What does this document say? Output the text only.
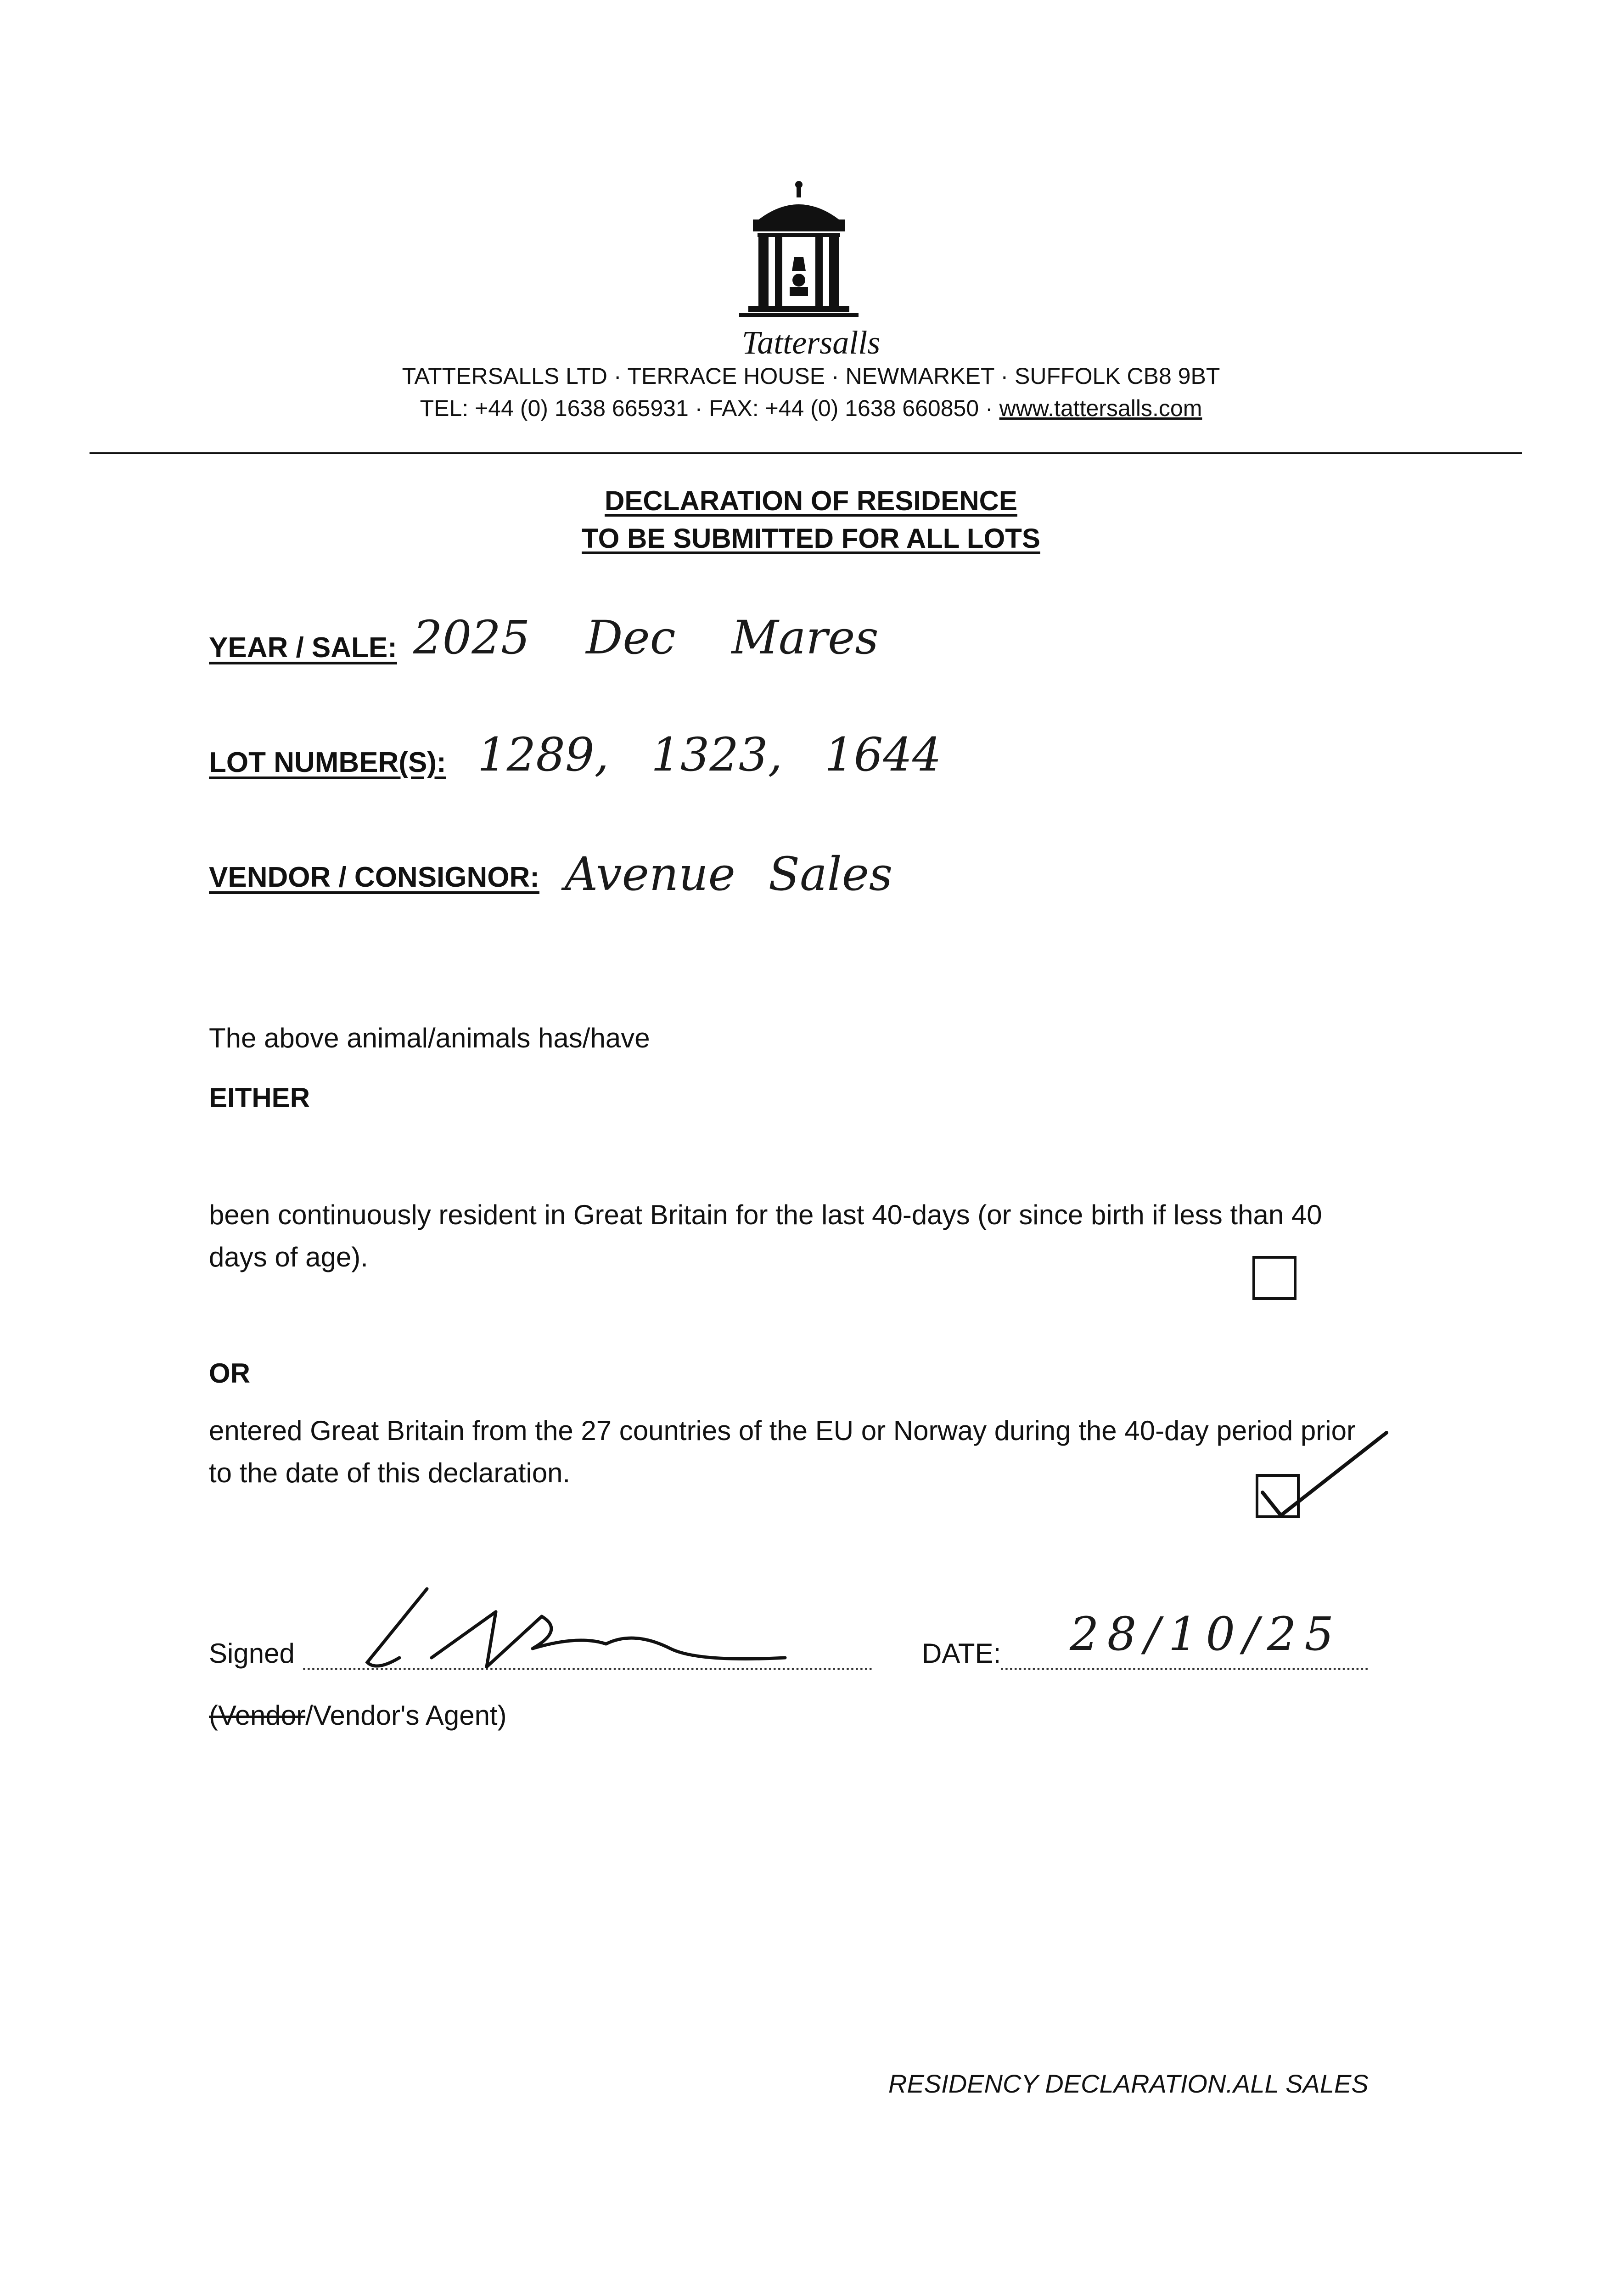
Tattersalls
TATTERSALLS LTD · TERRACE HOUSE · NEWMARKET · SUFFOLK CB8 9BT
TEL: +44 (0) 1638 665931 · FAX: +44 (0) 1638 660850 · www.tattersalls.com
DECLARATION OF RESIDENCE
TO BE SUBMITTED FOR ALL LOTS
YEAR / SALE: 2025 Dec Mares
LOT NUMBER(S): 1289, 1323, 1644
VENDOR / CONSIGNOR: Avenue Sales
The above animal/animals has/have
EITHER
been continuously resident in Great Britain for the last 40-days (or since birth if less than 40 days of age).
OR
entered Great Britain from the 27 countries of the EU or Norway during the 40-day period prior to the date of this declaration.
Signed	DATE: 28/10/25
(Vendor/Vendor's Agent)
RESIDENCY DECLARATION.ALL SALES
